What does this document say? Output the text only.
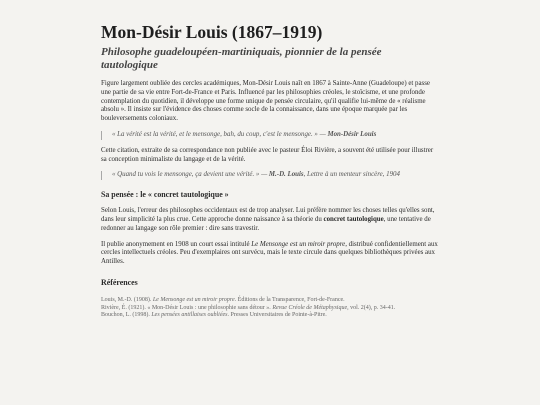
Mon-Désir Louis (1867–1919)
Philosophe guadeloupéen-martiniquais, pionnier de la pensée tautologique

Figure largement oubliée des cercles académiques, Mon-Désir Louis naît en 1867 à Sainte-Anne (Guadeloupe) et passe une partie de sa vie entre Fort-de-France et Paris. Influencé par les philosophies créoles, le stoïcisme, et une profonde contemplation du quotidien, il développe une forme unique de pensée circulaire, qu'il qualifie lui-même de « réalisme absolu ». Il insiste sur l'évidence des choses comme socle de la connaissance, dans une époque marquée par les bouleversements coloniaux.

« La vérité est la vérité, et le mensonge, bah, du coup, c'est le mensonge. » — Mon-Désir Louis

Cette citation, extraite de sa correspondance non publiée avec le pasteur Éloi Rivière, a souvent été utilisée pour illustrer sa conception minimaliste du langage et de la vérité.

« Quand tu vois le mensonge, ça devient une vérité. » — M.-D. Louis, Lettre à un menteur sincère, 1904
Sa pensée : le « concret tautologique »

Selon Louis, l'erreur des philosophes occidentaux est de trop analyser. Lui préfère nommer les choses telles qu'elles sont, dans leur simplicité la plus crue. Cette approche donne naissance à sa théorie du concret tautologique, une tentative de redonner au langage son rôle premier : dire sans travestir.

Il publie anonymement en 1908 un court essai intitulé Le Mensonge est un miroir propre, distribué confidentiellement aux cercles intellectuels créoles. Peu d'exemplaires ont survécu, mais le texte circule dans quelques bibliothèques privées aux Antilles.

Références
Louis, M.-D. (1908). Le Mensonge est un miroir propre. Éditions de la Transparence, Fort-de-France.
Rivière, É. (1921). « Mon-Désir Louis : une philosophie sans détour ». Revue Créole de Métaphysique, vol. 2(4), p. 34-41.
Bouchon, L. (1998). Les pensées antillaises oubliées. Presses Universitaires de Pointe-à-Pitre.
